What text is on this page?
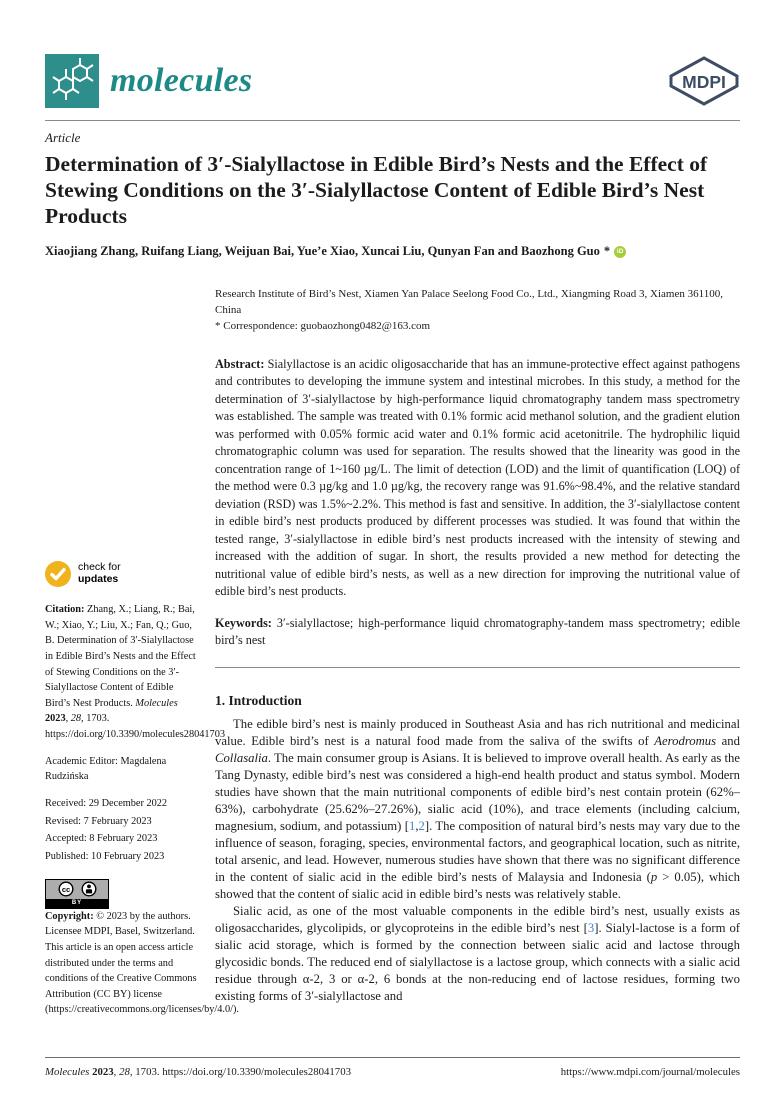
molecules	MDPI
Article
Determination of 3′-Sialyllactose in Edible Bird’s Nests and the Effect of Stewing Conditions on the 3′-Sialyllactose Content of Edible Bird’s Nest Products
Xiaojiang Zhang, Ruifang Liang, Weijuan Bai, Yue’e Xiao, Xuncai Liu, Qunyan Fan and Baozhong Guo *	iD
check for
updates

Citation: Zhang, X.; Liang, R.; Bai, W.; Xiao, Y.; Liu, X.; Fan, Q.; Guo, B. Determination of 3′-Sialyllactose in Edible Bird’s Nests and the Effect of Stewing Conditions on the 3′-Sialyllactose Content of Edible Bird’s Nest Products. Molecules 2023, 28, 1703. https://doi.org/10.3390/molecules28041703

Academic Editor: Magdalena Rudzińska

Received: 29 December 2022

Revised: 7 February 2023

Accepted: 8 February 2023

Published: 10 February 2023

cc
BY

Copyright: © 2023 by the authors. Licensee MDPI, Basel, Switzerland. This article is an open access article distributed under the terms and conditions of the Creative Commons Attribution (CC BY) license (https://creativecommons.org/licenses/by/4.0/).

Research Institute of Bird’s Nest, Xiamen Yan Palace Seelong Food Co., Ltd., Xiangming Road 3, Xiamen 361100, China

* Correspondence: guobaozhong0482@163.com

Abstract: Sialyllactose is an acidic oligosaccharide that has an immune-protective effect against pathogens and contributes to developing the immune system and intestinal microbes. In this study, a method for the determination of 3′-sialyllactose by high-performance liquid chromatography tandem mass spectrometry was established. The sample was treated with 0.1% formic acid methanol solution, and the gradient elution was performed with 0.05% formic acid water and 0.1% formic acid acetonitrile. The hydrophilic liquid chromatographic column was used for separation. The results showed that the linearity was good in the concentration range of 1~160 µg/L. The limit of detection (LOD) and the limit of quantification (LOQ) of the method were 0.3 µg/kg and 1.0 µg/kg, the recovery range was 91.6%~98.4%, and the relative standard deviation (RSD) was 1.5%~2.2%. This method is fast and sensitive. In addition, the 3′-sialyllactose content in edible bird’s nest products produced by different processes was studied. It was found that within the tested range, 3′-sialyllactose in edible bird’s nest products increased with the intensity of stewing and increased with the addition of sugar. In short, the results provided a new method for detecting the nutritional value of edible bird’s nests, as well as a new direction for improving the nutritional value of edible bird’s nest products.

Keywords: 3′-sialyllactose; high-performance liquid chromatography-tandem mass spectrometry; edible bird’s nest

1. Introduction

The edible bird’s nest is mainly produced in Southeast Asia and has rich nutritional and medicinal value. Edible bird’s nest is a natural food made from the saliva of the swifts of Aerodromus and Collasalia. The main consumer group is Asians. It is believed to improve overall health. As early as the Tang Dynasty, edible bird’s nest was considered a high-end health product and status symbol. Modern studies have shown that the main nutritional components of edible bird’s nest contain protein (62%–63%), carbohydrate (25.62%–27.26%), sialic acid (10%), and trace elements (including calcium, magnesium, sodium, and potassium) [1,2]. The composition of natural bird’s nests may vary due to the influence of season, foraging, species, environmental factors, and geographical location, such as nitrite, total arsenic, and lead. However, numerous studies have shown that there was no significant difference in the content of sialic acid in the edible bird’s nests of Malaysia and Indonesia (p > 0.05), which showed that the content of sialic acid in edible bird’s nests was relatively stable.

Sialic acid, as one of the most valuable components in the edible bird’s nest, usually exists as oligosaccharides, glycolipids, or glycoproteins in the edible bird’s nest [3]. Sialyl-lactose is a form of sialic acid storage, which is formed by the connection between sialic acid and lactose through glycosidic bonds. The reduced end of sialyllactose is a lactose group, which connects with a sialic acid residue through α-2, 3 or α-2, 6 bonds at the non-reducing end of lactose residues, forming two existing forms of 3′-sialyllactose and

Molecules 2023, 28, 1703. https://doi.org/10.3390/molecules28041703	https://www.mdpi.com/journal/molecules
